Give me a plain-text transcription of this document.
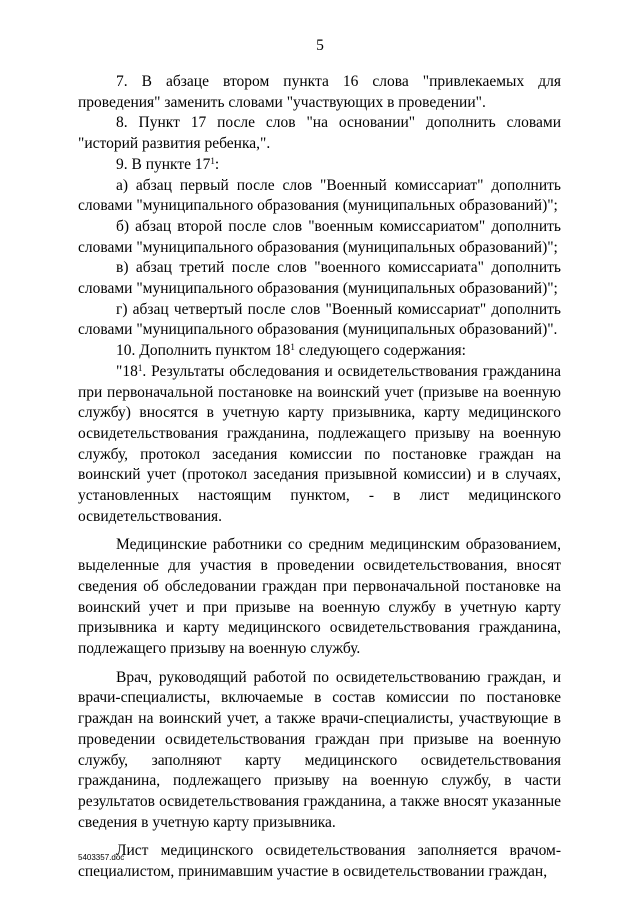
5

7. В абзаце втором пункта 16 слова "привлекаемых для проведения" заменить словами "участвующих в проведении".

8. Пункт 17 после слов "на основании" дополнить словами "историй развития ребенка,".

9. В пункте $17^1$:

а) абзац первый после слов "Военный комиссариат" дополнить словами "муниципального образования (муниципальных образований)";

б) абзац второй после слов "военным комиссариатом" дополнить словами "муниципального образования (муниципальных образований)";

в) абзац третий после слов "военного комиссариата" дополнить словами "муниципального образования (муниципальных образований)";

г) абзац четвертый после слов "Военный комиссариат" дополнить словами "муниципального образования (муниципальных образований)".

10. Дополнить пунктом $18^1$ следующего содержания:

"$18^1$. Результаты обследования и освидетельствования гражданина при первоначальной постановке на воинский учет (призыве на военную службу) вносятся в учетную карту призывника, карту медицинского освидетельствования гражданина, подлежащего призыву на военную службу, протокол заседания комиссии по постановке граждан на воинский учет (протокол заседания призывной комиссии) и в случаях, установленных настоящим пунктом, - в лист медицинского освидетельствования.

Медицинские работники со средним медицинским образованием, выделенные для участия в проведении освидетельствования, вносят сведения об обследовании граждан при первоначальной постановке на воинский учет и при призыве на военную службу в учетную карту призывника и карту медицинского освидетельствования гражданина, подлежащего призыву на военную службу.

Врач, руководящий работой по освидетельствованию граждан, и врачи-специалисты, включаемые в состав комиссии по постановке граждан на воинский учет, а также врачи-специалисты, участвующие в проведении освидетельствования граждан при призыве на военную службу, заполняют карту медицинского освидетельствования гражданина, подлежащего призыву на военную службу, в части результатов освидетельствования гражданина, а также вносят указанные сведения в учетную карту призывника.

Лист медицинского освидетельствования заполняется врачом-специалистом, принимавшим участие в освидетельствовании граждан,

5403357.doc
